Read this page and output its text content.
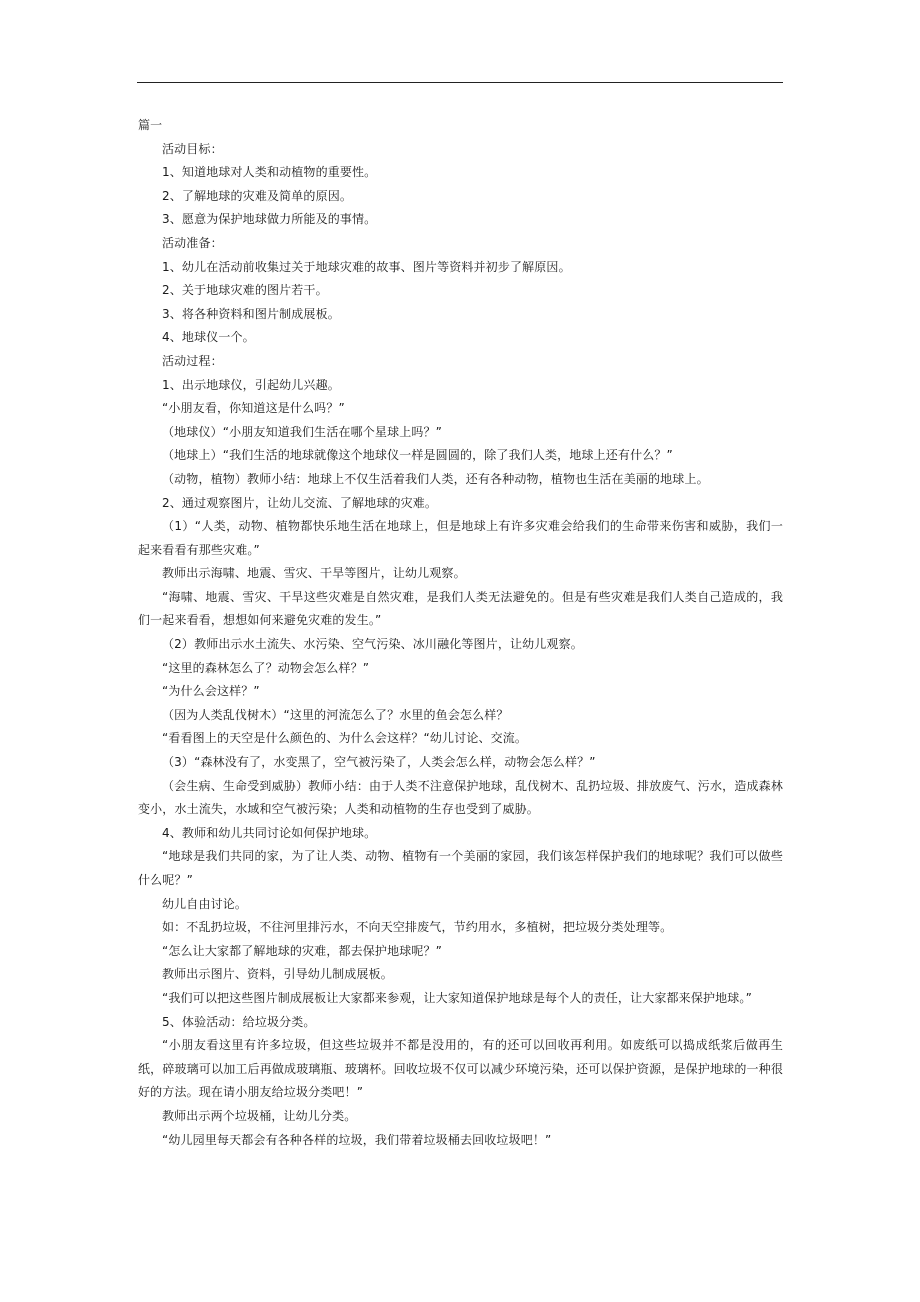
篇一

活动目标：

1、知道地球对人类和动植物的重要性。

2、了解地球的灾难及简单的原因。

3、愿意为保护地球做力所能及的事情。

活动准备：

1、幼儿在活动前收集过关于地球灾难的故事、图片等资料并初步了解原因。

2、关于地球灾难的图片若干。

3、将各种资料和图片制成展板。

4、地球仪一个。

活动过程：

1、出示地球仪，引起幼儿兴趣。

“小朋友看，你知道这是什么吗？”

（地球仪）“小朋友知道我们生活在哪个星球上吗？”

（地球上）“我们生活的地球就像这个地球仪一样是圆圆的，除了我们人类，地球上还有什么？”

（动物，植物）教师小结：地球上不仅生活着我们人类，还有各种动物，植物也生活在美丽的地球上。

2、通过观察图片，让幼儿交流、了解地球的灾难。

（1）“人类，动物、植物都快乐地生活在地球上，但是地球上有许多灾难会给我们的生命带来伤害和威胁，我们一起来看看有那些灾难。”

教师出示海啸、地震、雪灾、干旱等图片，让幼儿观察。

“海啸、地震、雪灾、干旱这些灾难是自然灾难，是我们人类无法避免的。但是有些灾难是我们人类自己造成的，我们一起来看看，想想如何来避免灾难的发生。”

（2）教师出示水土流失、水污染、空气污染、冰川融化等图片，让幼儿观察。

“这里的森林怎么了？动物会怎么样？”

“为什么会这样？”

（因为人类乱伐树木）“这里的河流怎么了？水里的鱼会怎么样？

“看看图上的天空是什么颜色的、为什么会这样？“幼儿讨论、交流。

（3）“森林没有了，水变黑了，空气被污染了，人类会怎么样，动物会怎么样？”

（会生病、生命受到威胁）教师小结：由于人类不注意保护地球，乱伐树木、乱扔垃圾、排放废气、污水，造成森林变小，水土流失，水域和空气被污染；人类和动植物的生存也受到了威胁。

4、教师和幼儿共同讨论如何保护地球。

“地球是我们共同的家，为了让人类、动物、植物有一个美丽的家园，我们该怎样保护我们的地球呢？我们可以做些什么呢？”

幼儿自由讨论。

如：不乱扔垃圾，不往河里排污水，不向天空排废气，节约用水，多植树，把垃圾分类处理等。

“怎么让大家都了解地球的灾难，都去保护地球呢？”

教师出示图片、资料，引导幼儿制成展板。

“我们可以把这些图片制成展板让大家都来参观，让大家知道保护地球是每个人的责任，让大家都来保护地球。”

5、体验活动：给垃圾分类。

“小朋友看这里有许多垃圾，但这些垃圾并不都是没用的，有的还可以回收再利用。如废纸可以捣成纸浆后做再生纸，碎玻璃可以加工后再做成玻璃瓶、玻璃杯。回收垃圾不仅可以减少环境污染，还可以保护资源，是保护地球的一种很好的方法。现在请小朋友给垃圾分类吧！”

教师出示两个垃圾桶，让幼儿分类。

“幼儿园里每天都会有各种各样的垃圾，我们带着垃圾桶去回收垃圾吧！”
